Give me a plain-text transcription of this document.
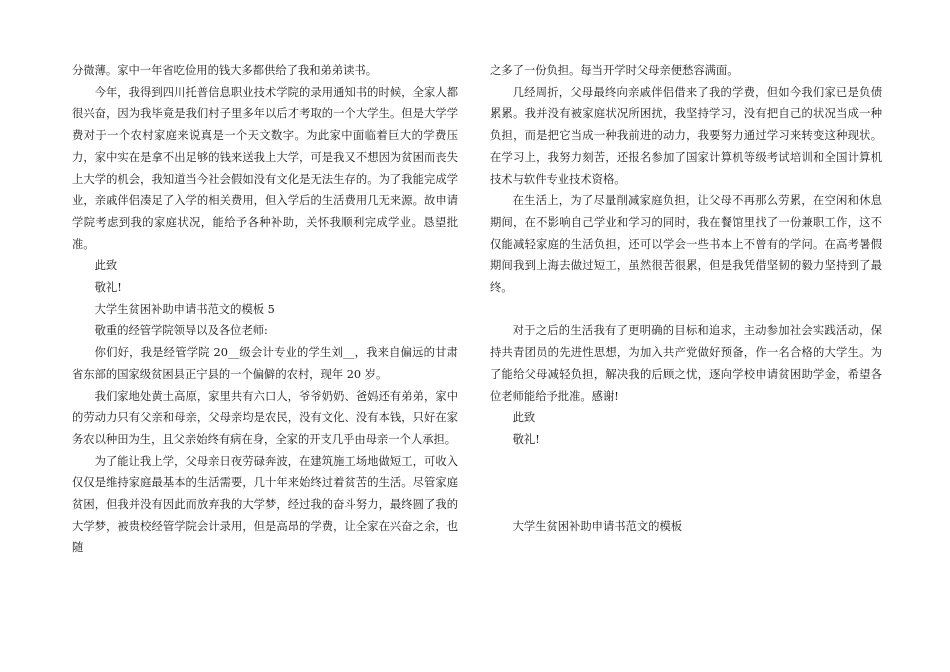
分微薄。家中一年省吃俭用的钱大多都供给了我和弟弟读书。

今年，我得到四川托普信息职业技术学院的录用通知书的时候，全家人都很兴奋，因为我毕竟是我们村子里多年以后才考取的一个大学生。但是大学学费对于一个农村家庭来说真是一个天文数字。为此家中面临着巨大的学费压力，家中实在是拿不出足够的钱来送我上大学，可是我又不想因为贫困而丧失上大学的机会，我知道当今社会假如没有文化是无法生存的。为了我能完成学业，亲戚伴侣凑足了入学的相关费用，但入学后的生活费用几无来源。故申请学院考虑到我的家庭状况，能给予各种补助，关怀我顺利完成学业。恳望批准。

此致

敬礼!

大学生贫困补助申请书范文的模板 5

敬重的经管学院领导以及各位老师:

你们好，我是经管学院 20__级会计专业的学生刘__，我来自偏远的甘肃省东部的国家级贫困县正宁县的一个偏僻的农村，现年 20 岁。

我们家地处黄土高原，家里共有六口人，爷爷奶奶、爸妈还有弟弟，家中的劳动力只有父亲和母亲，父母亲均是农民，没有文化、没有本钱，只好在家务农以种田为生，且父亲始终有病在身，全家的开支几乎由母亲一个人承担。

为了能让我上学，父母亲日夜劳碌奔波，在建筑施工场地做短工，可收入仅仅是维持家庭最基本的生活需要，几十年来始终过着贫苦的生活。尽管家庭贫困，但我并没有因此而放弃我的大学梦，经过我的奋斗努力，最终圆了我的大学梦，被贵校经管学院会计录用，但是高昂的学费，让全家在兴奋之余，也随

之多了一份负担。每当开学时父母亲便愁容满面。

几经周折，父母最终向亲戚伴侣借来了我的学费，但如今我们家已是负债累累。我并没有被家庭状况所困扰，我坚持学习，没有把自己的状况当成一种负担，而是把它当成一种我前进的动力，我要努力通过学习来转变这种现状。在学习上，我努力刻苦，还报名参加了国家计算机等级考试培训和全国计算机技术与软件专业技术资格。

在生活上，为了尽量削减家庭负担，让父母不再那么劳累，在空闲和休息期间，在不影响自己学业和学习的同时，我在餐馆里找了一份兼职工作，这不仅能减轻家庭的生活负担，还可以学会一些书本上不曾有的学问。在高考暑假期间我到上海去做过短工，虽然很苦很累，但是我凭借坚韧的毅力坚持到了最终。

对于之后的生活我有了更明确的目标和追求，主动参加社会实践活动，保持共青团员的先进性思想，为加入共产党做好预备，作一名合格的大学生。为了能给父母减轻负担，解决我的后顾之忧，逐向学校申请贫困助学金，希望各位老师能给予批准。感谢!

此致

敬礼!

大学生贫困补助申请书范文的模板
